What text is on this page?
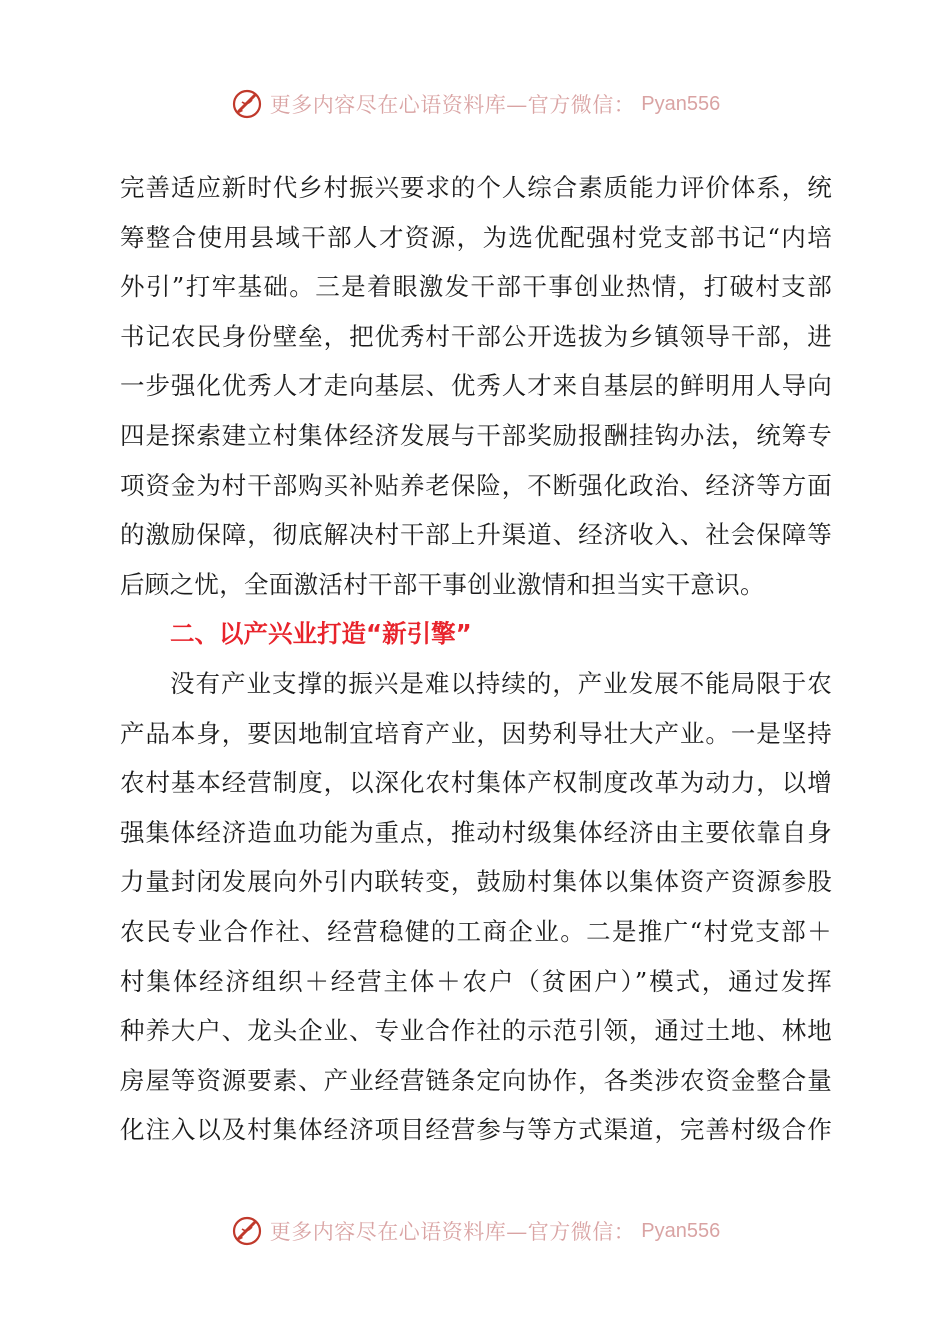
更多内容尽在心语资料库—官方微信： Pyan556
完善适应新时代乡村振兴要求的个人综合素质能力评价体系，统
筹整合使用县域干部人才资源，为选优配强村党支部书记“内培
外引”打牢基础。三是着眼激发干部干事创业热情，打破村支部
书记农民身份壁垒，把优秀村干部公开选拔为乡镇领导干部，进
一步强化优秀人才走向基层、优秀人才来自基层的鲜明用人导向
四是探索建立村集体经济发展与干部奖励报酬挂钩办法，统筹专
项资金为村干部购买补贴养老保险，不断强化政治、经济等方面
的激励保障，彻底解决村干部上升渠道、经济收入、社会保障等
后顾之忧，全面激活村干部干事创业激情和担当实干意识。
二、以产兴业打造“新引擎”
没有产业支撑的振兴是难以持续的，产业发展不能局限于农
产品本身，要因地制宜培育产业，因势利导壮大产业。一是坚持
农村基本经营制度，以深化农村集体产权制度改革为动力，以增
强集体经济造血功能为重点，推动村级集体经济由主要依靠自身
力量封闭发展向外引内联转变，鼓励村集体以集体资产资源参股
农民专业合作社、经营稳健的工商企业。二是推广“村党支部＋
村集体经济组织＋经营主体＋农户（贫困户）”模式，通过发挥
种养大户、龙头企业、专业合作社的示范引领，通过土地、林地
房屋等资源要素、产业经营链条定向协作，各类涉农资金整合量
化注入以及村集体经济项目经营参与等方式渠道，完善村级合作
更多内容尽在心语资料库—官方微信： Pyan556
